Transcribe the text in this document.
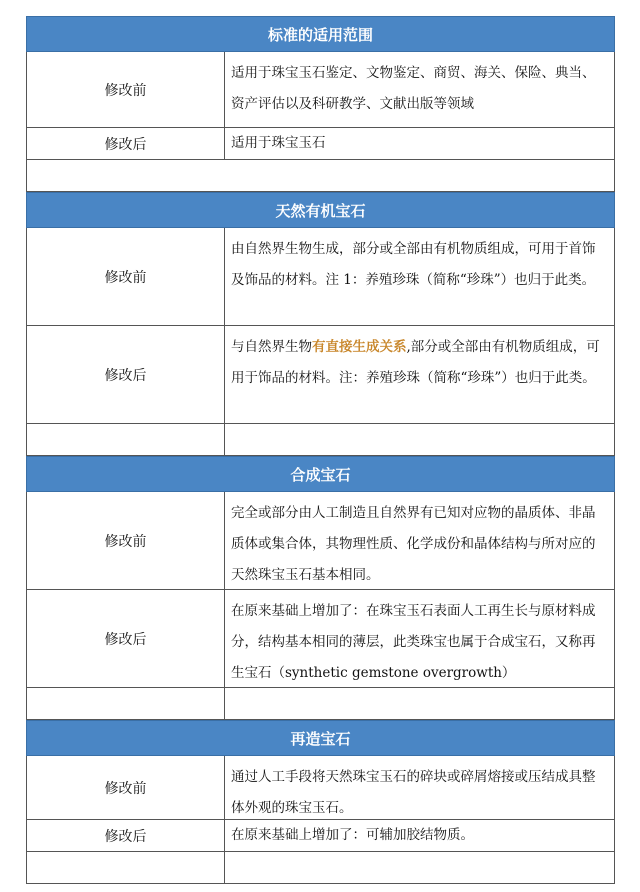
标准的适用范围
修改前
适用于珠宝玉石鉴定、文物鉴定、商贸、海关、保险、典当、资产评估以及科研教学、文献出版等领域
修改后	适用于珠宝玉石
天然有机宝石
修改前
由自然界生物生成，部分或全部由有机物质组成，可用于首饰及饰品的材料。注 1：养殖珍珠（简称“珍珠”）也归于此类。
修改后
与自然界生物有直接生成关系,部分或全部由有机物质组成，可用于饰品的材料。注：养殖珍珠（简称“珍珠”）也归于此类。
合成宝石
修改前
完全或部分由人工制造且自然界有已知对应物的晶质体、非晶质体或集合体，其物理性质、化学成份和晶体结构与所对应的天然珠宝玉石基本相同。
修改后
在原来基础上增加了：在珠宝玉石表面人工再生长与原材料成分，结构基本相同的薄层，此类珠宝也属于合成宝石，又称再生宝石（synthetic gemstone overgrowth）
再造宝石
修改前
通过人工手段将天然珠宝玉石的碎块或碎屑熔接或压结成具整体外观的珠宝玉石。
修改后	在原来基础上增加了：可辅加胶结物质。
